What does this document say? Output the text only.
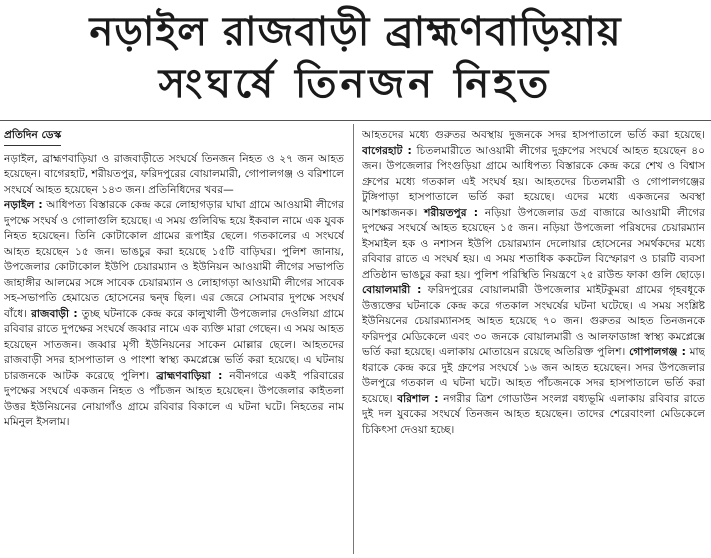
নড়াইল রাজবাড়ী ব্রাহ্মণবাড়িয়ায়
সংঘর্ষে তিনজন নিহত
প্রতিদিন ডেস্ক

নড়াইল, ব্রাহ্মণবাড়িয়া ও রাজবাড়ীতে সংঘর্ষে তিনজন নিহত ও ২৭ জন আহত হয়েছেন। বাগেরহাট, শরীয়তপুর, ফরিদপুরের বোয়ালমারী, গোপালগঞ্জ ও বরিশালে সংঘর্ষে আহত হয়েছেন ১৪৩ জন। প্রতিনিধিদের খবর—

নড়াইল : আধিপত্য বিস্তারকে কেন্দ্র করে লোহাগড়ার ঘাঘা গ্রামে আওয়ামী লীগের দুপক্ষে সংঘর্ষ ও গোলাগুলি হয়েছে। এ সময় গুলিবিদ্ধ হয়ে ইকবাল নামে এক যুবক নিহত হয়েছেন। তিনি কোটাকোল গ্রামের রূপাইর ছেলে। গতকালের এ সংঘর্ষে আহত হয়েছেন ১৫ জন। ভাঙচুর করা হয়েছে ১৫টি বাড়িঘর। পুলিশ জানায়, উপজেলার কোটাকোল ইউপি চেয়ারম্যান ও ইউনিয়ন আওয়ামী লীগের সভাপতি জাহাঙ্গীর আলমের সঙ্গে সাবেক চেয়ারম্যান ও লোহাগড়া আওয়ামী লীগের সাবেক সহ-সভাপতি হেমায়েত হোসেনের দ্বন্দ্ব ছিল। এর জেরে সোমবার দুপক্ষে সংঘর্ষ বাঁধে। রাজবাড়ী : তুচ্ছ ঘটনাকে কেন্দ্র করে কালুখালী উপজেলার দেওলিয়া গ্রামে রবিবার রাতে দুপক্ষের সংঘর্ষে জব্বার নামে এক ব্যক্তি মারা গেছেন। এ সময় আহত হয়েছেন সাতজন। জব্বার মৃগী ইউনিয়নের সাকেন মোল্লার ছেলে। আহতদের রাজবাড়ী সদর হাসপাতাল ও পাংশা স্বাস্থ্য কমপ্লেক্সে ভর্তি করা হয়েছে। এ ঘটনায় চারজনকে আটক করেছে পুলিশ। ব্রাহ্মণবাড়িয়া : নবীনগরে একই পরিবারের দুপক্ষের সংঘর্ষে একজন নিহত ও পাঁচজন আহত হয়েছেন। উপজেলার কাইতলা উত্তর ইউনিয়নের নোয়াগাঁও গ্রামে রবিবার বিকালে এ ঘটনা ঘটে। নিহতের নাম মমিনুল ইসলাম।

আহতদের মধ্যে গুরুতর অবস্থায় দুজনকে সদর হাসপাতালে ভর্তি করা হয়েছে। বাগেরহাট : চিতলমারীতে আওয়ামী লীগের দুগ্রুপের সংঘর্ষে আহত হয়েছেন ৪০ জন। উপজেলার পিংগুড়িয়া গ্রামে আধিপত্য বিস্তারকে কেন্দ্র করে শেখ ও বিশ্বাস গ্রুপের মধ্যে গতকাল এই সংঘর্ষ হয়। আহতদের চিতলমারী ও গোপালগঞ্জের টুঙ্গিপাড়া হাসপাতালে ভর্তি করা হয়েছে। এদের মধ্যে একজনের অবস্থা আশঙ্কাজনক। শরীয়তপুর : নড়িয়া উপজেলার ডগ্র বাজারে আওয়ামী লীগের দুপক্ষের সংঘর্ষে আহত হয়েছেন ১৫ জন। নড়িয়া উপজেলা পরিষদের চেয়ারম্যান ইসমাইল হক ও নশাসন ইউপি চেয়ারম্যান দেলোয়ার হোসেনের সমর্থকদের মধ্যে রবিবার রাতে এ সংঘর্ষ হয়। এ সময় শতাধিক ককটেল বিস্ফোরণ ও চারটি ব্যবসা প্রতিষ্ঠান ভাঙচুর করা হয়। পুলিশ পরিস্থিতি নিয়ন্ত্রণে ২৫ রাউন্ড ফাকা গুলি ছোড়ে। বোয়ালমারী : ফরিদপুরের বোয়ালমারী উপজেলার মাইটকুমরা গ্রামের গৃহবধূকে উত্ত্যক্তের ঘটনাকে কেন্দ্র করে গতকাল সংঘর্ষের ঘটনা ঘটেছে। এ সময় সংশ্লিষ্ট ইউনিয়নের চেয়ারম্যানসহ আহত হয়েছে ৭০ জন। গুরুতর আহত তিনজনকে ফরিদপুর মেডিকেলে এবং ৩০ জনকে বোয়ালমারী ও আলফাডাঙ্গা স্বাস্থ্য কমপ্লেক্সে ভর্তি করা হয়েছে। এলাকায় মোতায়েন রয়েছে অতিরিক্ত পুলিশ। গোপালগঞ্জ : মাছ ধরাকে কেন্দ্র করে দুই গ্রুপের সংঘর্ষে ১৬ জন আহত হয়েছেন। সদর উপজেলার উলপুরে গতকাল এ ঘটনা ঘটে। আহত পাঁচজনকে সদর হাসপাতালে ভর্তি করা হয়েছে। বরিশাল : নগরীর ত্রিশ গোডাউন সংলগ্ন বধ্যভূমি এলাকায় রবিবার রাতে দুই দল যুবকের সংঘর্ষে তিনজন আহত হয়েছেন। তাদের শেরেবাংলা মেডিকেলে চিকিৎসা দেওয়া হচ্ছে।
